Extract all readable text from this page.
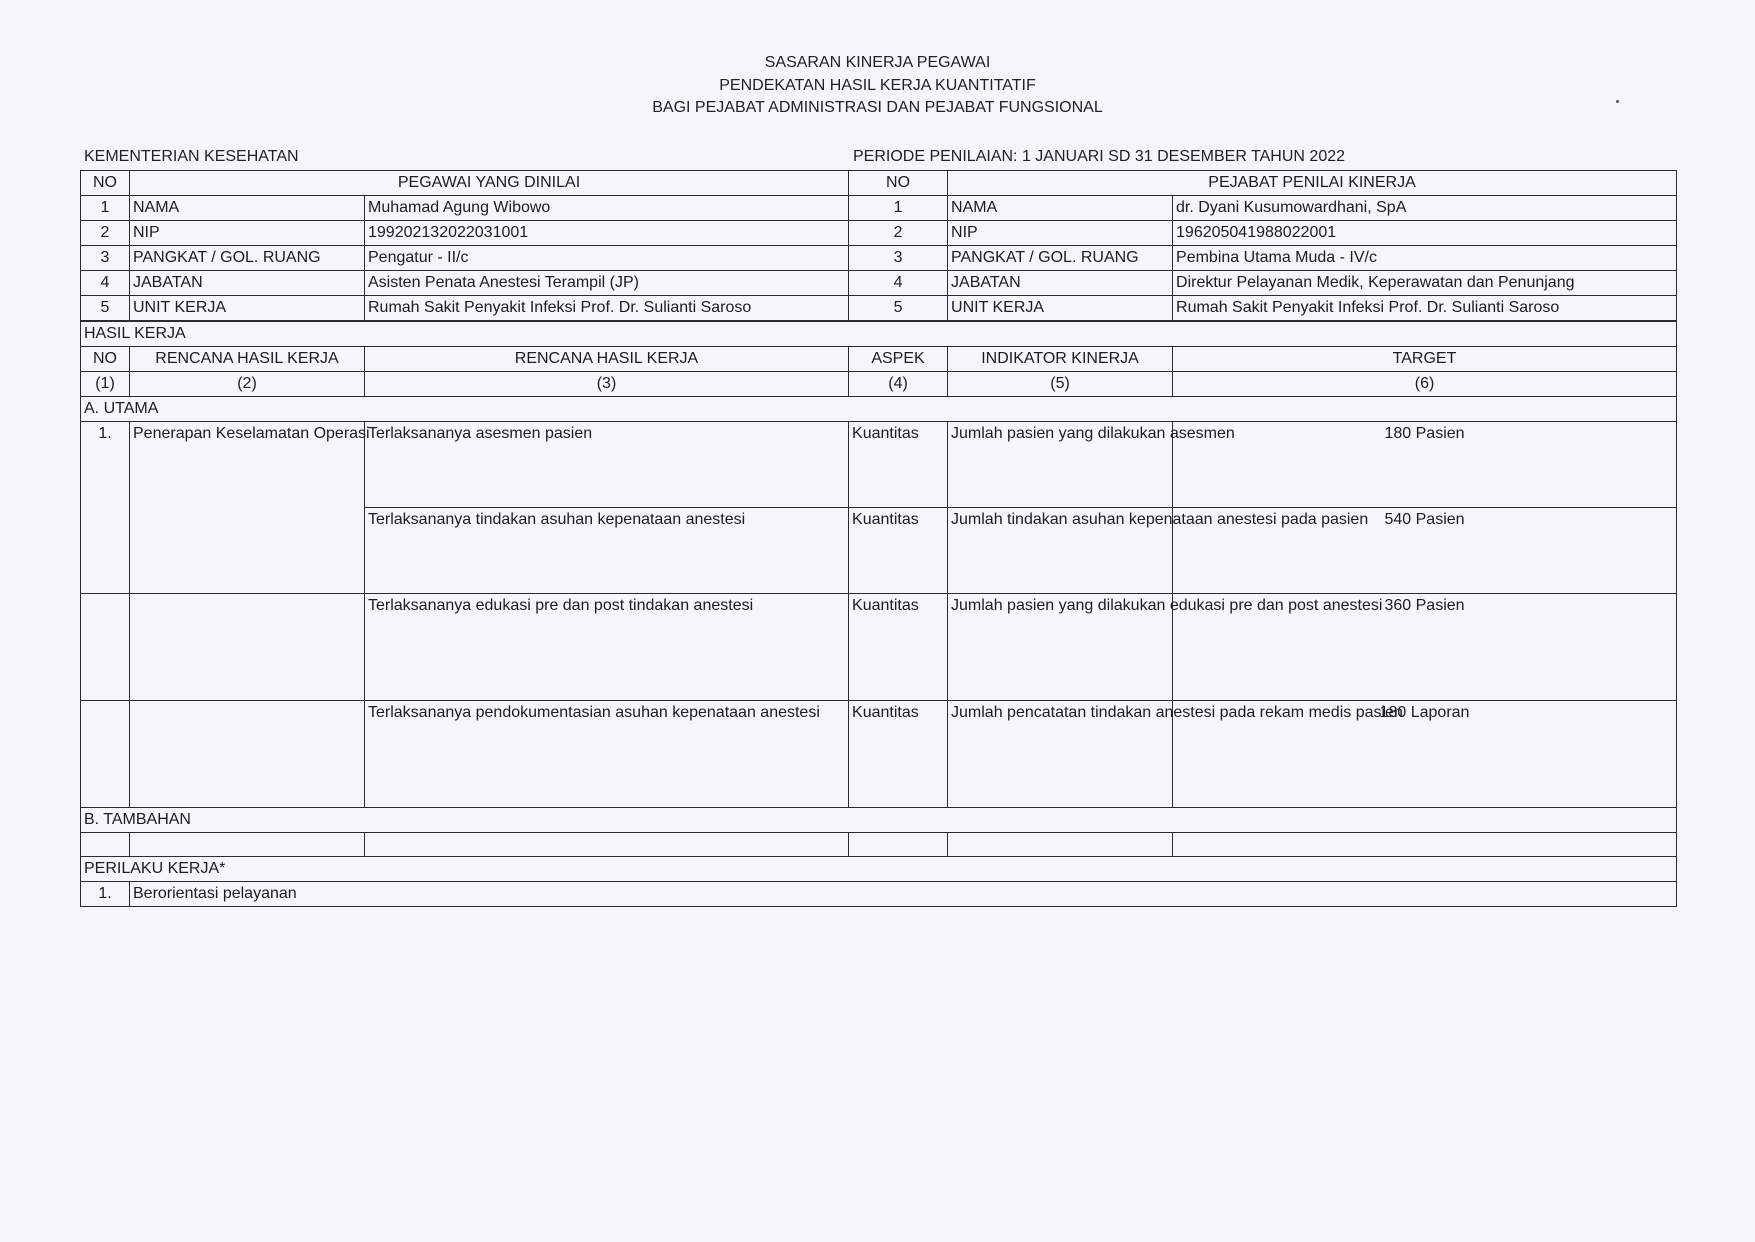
SASARAN KINERJA PEGAWAI
PENDEKATAN HASIL KERJA KUANTITATIF
BAGI PEJABAT ADMINISTRASI DAN PEJABAT FUNGSIONAL
KEMENTERIAN KESEHATAN	PERIODE PENILAIAN: 1 JANUARI SD 31 DESEMBER TAHUN 2022
NO	PEGAWAI YANG DINILAI		NO	PEJABAT PENILAI KINERJA	
1	NAMA	Muhamad Agung Wibowo	1	NAMA	dr. Dyani Kusumowardhani, SpA
2	NIP	199202132022031001	2	NIP	196205041988022001
3	PANGKAT / GOL. RUANG	Pengatur - II/c	3	PANGKAT / GOL. RUANG	Pembina Utama Muda - IV/c
4	JABATAN	Asisten Penata Anestesi Terampil (JP)	4	JABATAN	Direktur Pelayanan Medik, Keperawatan dan Penunjang
5	UNIT KERJA	Rumah Sakit Penyakit Infeksi Prof. Dr. Sulianti Saroso	5	UNIT KERJA	Rumah Sakit Penyakit Infeksi Prof. Dr. Sulianti Saroso
HASIL KERJA					
NO	RENCANA HASIL KERJA	RENCANA HASIL KERJA	ASPEK	INDIKATOR KINERJA	TARGET
(1)	(2)	(3)	(4)	(5)	(6)
A. UTAMA					
1.	Penerapan Keselamatan Operasi	Terlaksananya asesmen pasien	Kuantitas	Jumlah pasien yang dilakukan asesmen	180 Pasien
		Terlaksananya tindakan asuhan kepenataan anestesi	Kuantitas	Jumlah tindakan asuhan kepenataan anestesi pada pasien	540 Pasien
		Terlaksananya edukasi pre dan post tindakan anestesi	Kuantitas	Jumlah pasien yang dilakukan edukasi pre dan post anestesi	360 Pasien
		Terlaksananya pendokumentasian asuhan kepenataan anestesi	Kuantitas	Jumlah pencatatan tindakan anestesi pada rekam medis pasien	180 Laporan
B. TAMBAHAN					

PERILAKU KERJA*					
1.	Berorientasi pelayanan				
